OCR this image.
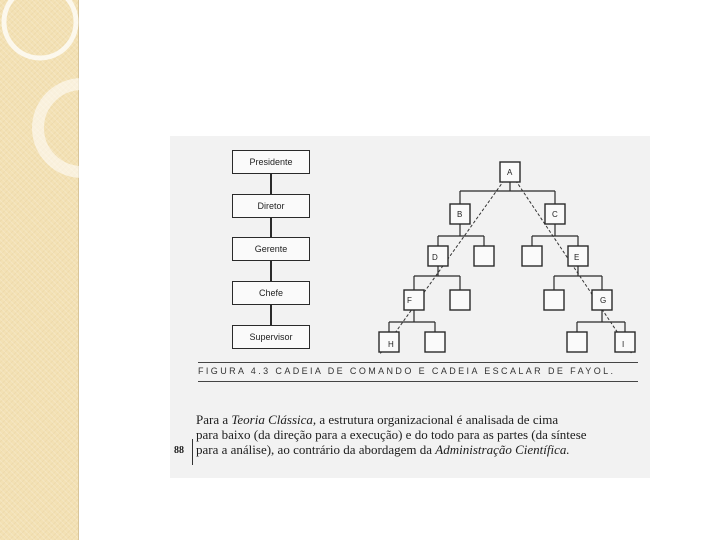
Presidente
Diretor
Gerente
Chefe
Supervisor
A
B	C
D	E
F	G
H	I
FIGURA 4.3 CADEIA DE COMANDO E CADEIA ESCALAR DE FAYOL.
88
Para a Teoria Clássica, a estrutura organizacional é analisada de cima
para baixo (da direção para a execução) e do todo para as partes (da síntese
para a análise), ao contrário da abordagem da Administração Científica.
